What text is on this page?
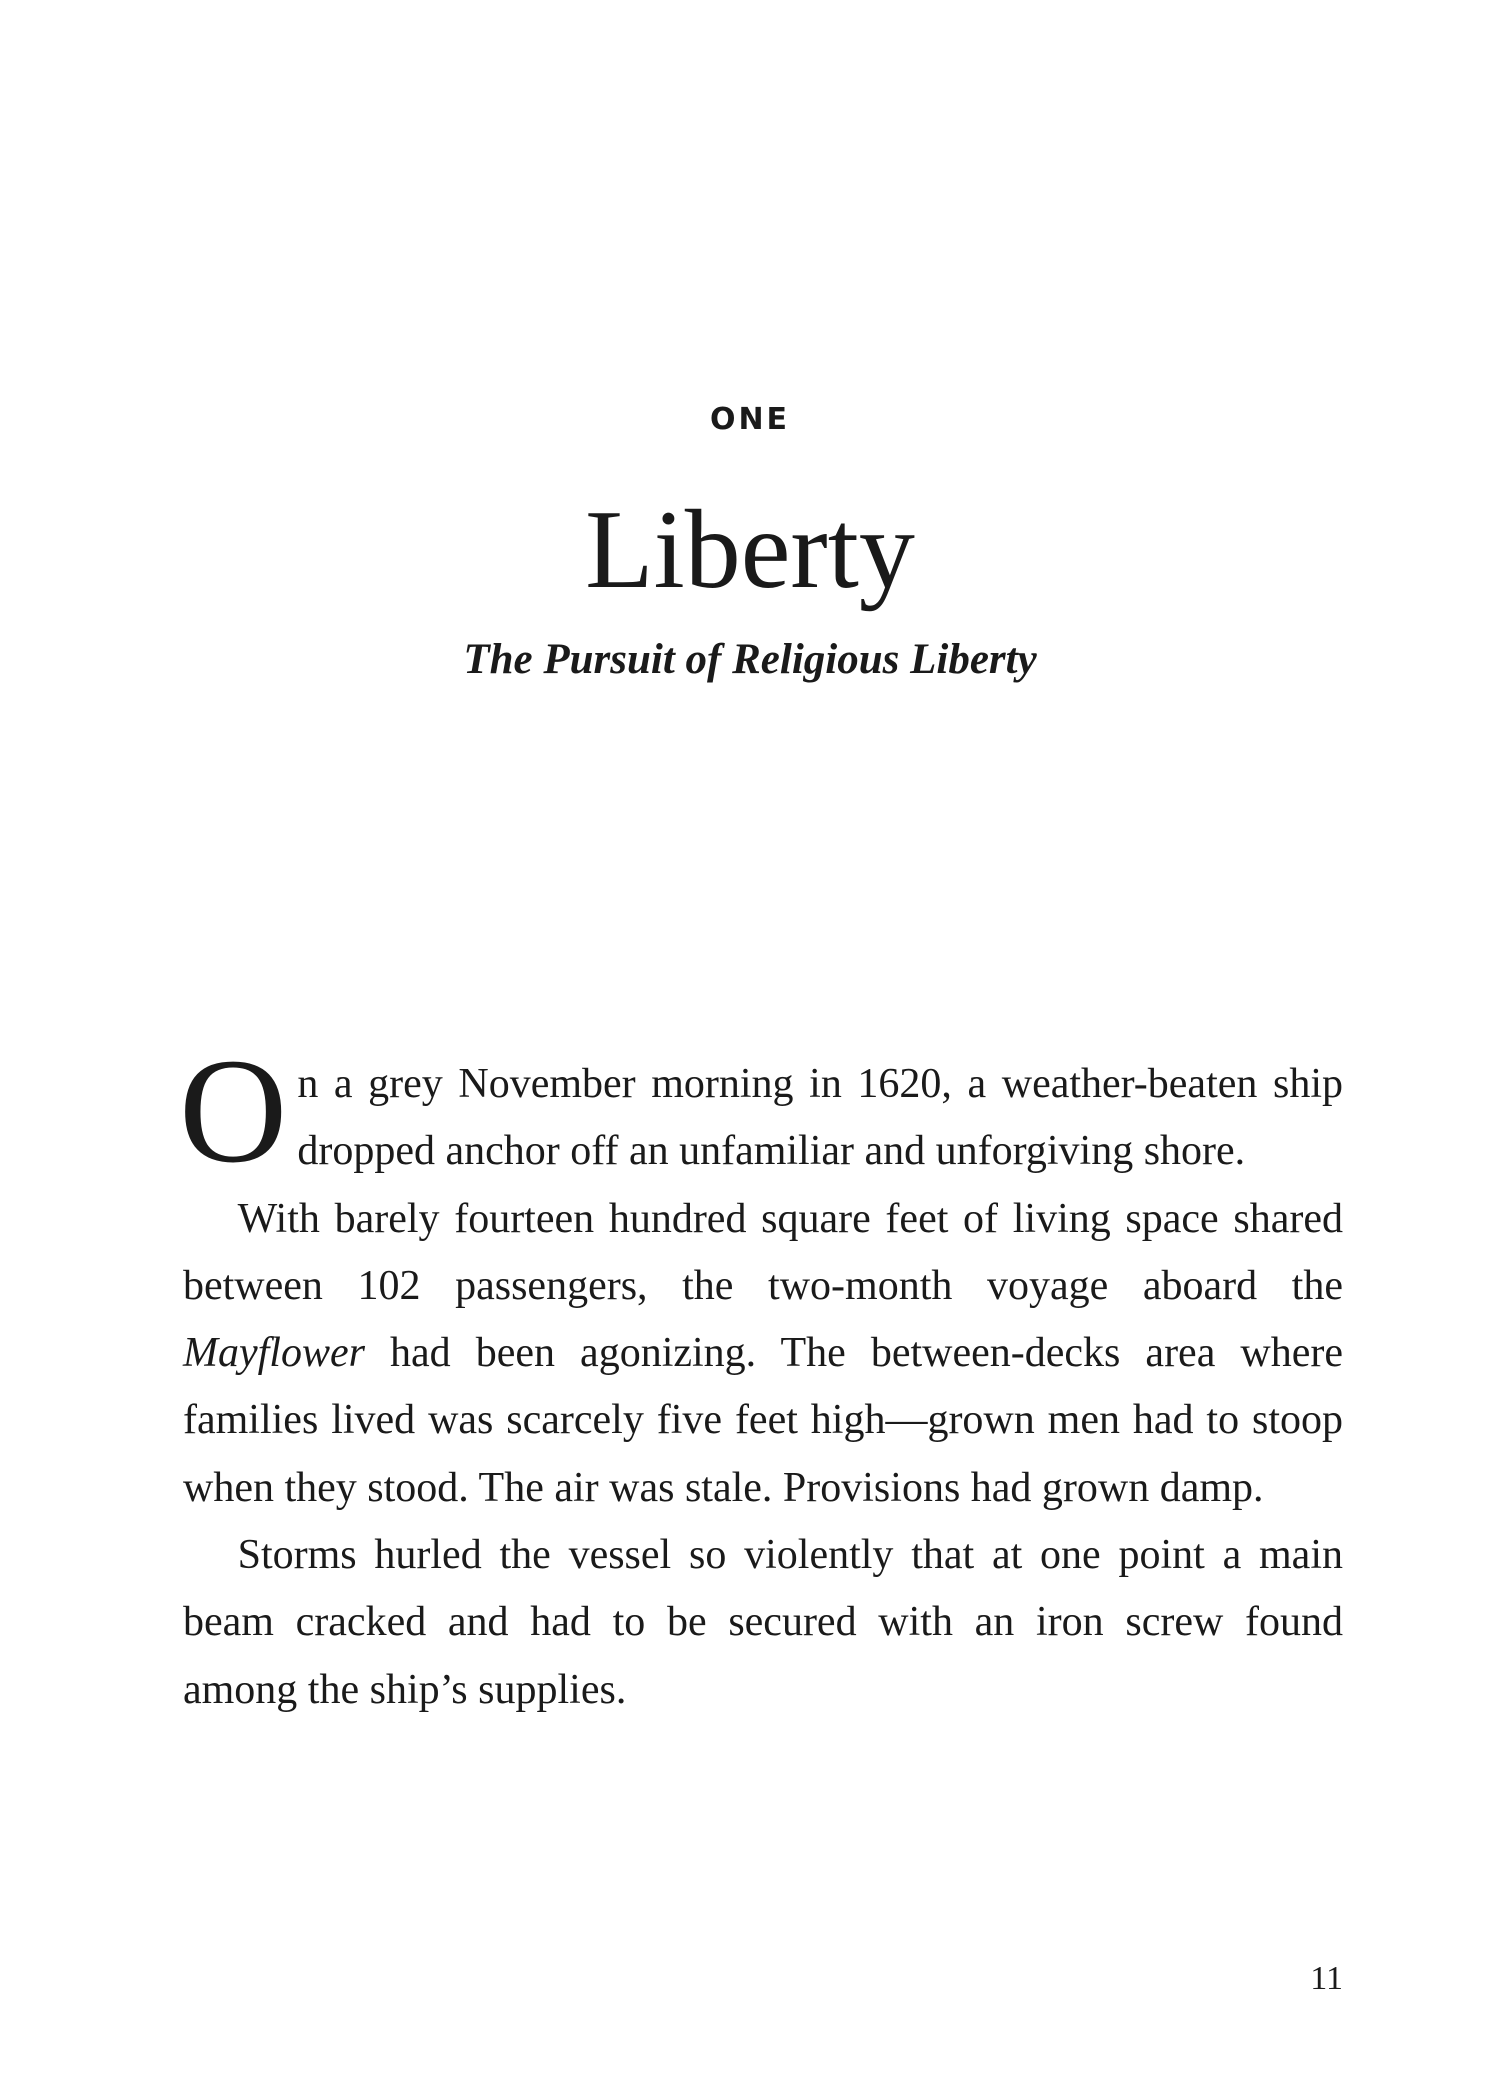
ONE
Liberty
The Pursuit of Religious Liberty

On a grey November morning in 1620, a weather-beaten ship dropped anchor off an unfamiliar and unforgiving shore.

With barely fourteen hundred square feet of living space shared between 102 passengers, the two-month voyage aboard the Mayflower had been agonizing. The between-decks area where families lived was scarcely five feet high—grown men had to stoop when they stood. The air was stale. Provisions had grown damp.

Storms hurled the vessel so violently that at one point a main beam cracked and had to be secured with an iron screw found among the ship’s supplies.

11
